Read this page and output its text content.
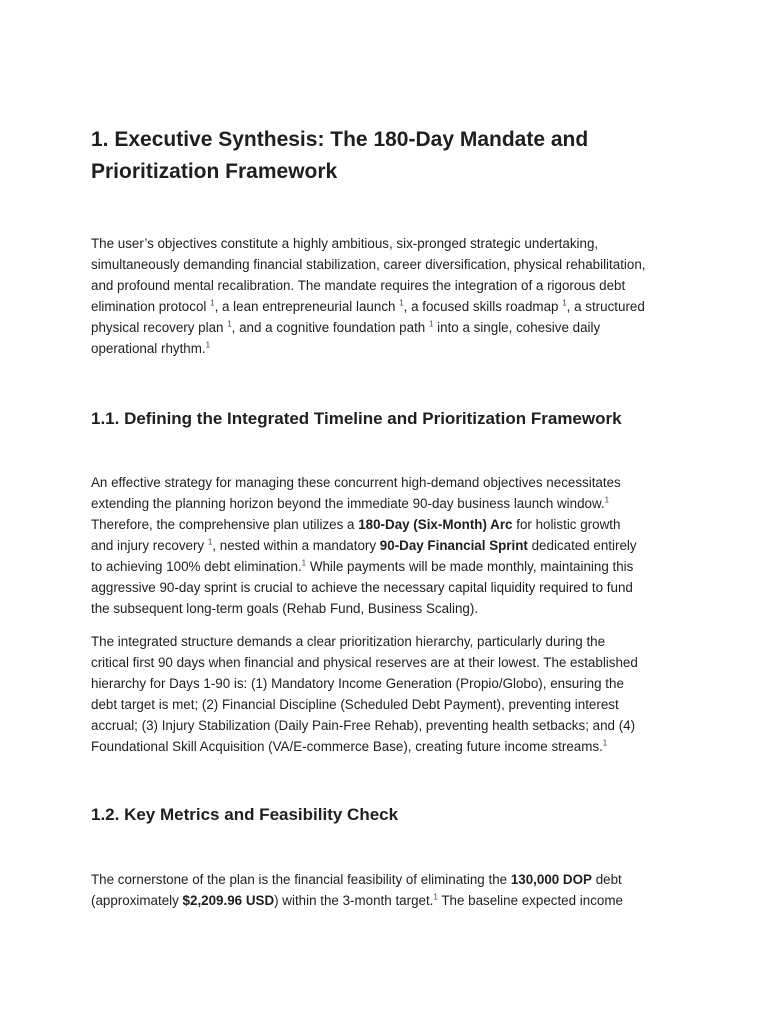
1. Executive Synthesis: The 180-Day Mandate and
Prioritization Framework

The user’s objectives constitute a highly ambitious, six-pronged strategic undertaking,
simultaneously demanding financial stabilization, career diversification, physical rehabilitation,
and profound mental recalibration. The mandate requires the integration of a rigorous debt
elimination protocol $^1$, a lean entrepreneurial launch $^1$, a focused skills roadmap $^1$, a structured
physical recovery plan $^1$, and a cognitive foundation path $^1$ into a single, cohesive daily
operational rhythm.$^1$

1.1. Defining the Integrated Timeline and Prioritization Framework

An effective strategy for managing these concurrent high-demand objectives necessitates
extending the planning horizon beyond the immediate 90-day business launch window.$^1$
Therefore, the comprehensive plan utilizes a 180-Day (Six-Month) Arc for holistic growth
and injury recovery $^1$, nested within a mandatory 90-Day Financial Sprint dedicated entirely
to achieving 100% debt elimination.$^1$ While payments will be made monthly, maintaining this
aggressive 90-day sprint is crucial to achieve the necessary capital liquidity required to fund
the subsequent long-term goals (Rehab Fund, Business Scaling).

The integrated structure demands a clear prioritization hierarchy, particularly during the
critical first 90 days when financial and physical reserves are at their lowest. The established
hierarchy for Days 1-90 is: (1) Mandatory Income Generation (Propio/Globo), ensuring the
debt target is met; (2) Financial Discipline (Scheduled Debt Payment), preventing interest
accrual; (3) Injury Stabilization (Daily Pain-Free Rehab), preventing health setbacks; and (4)
Foundational Skill Acquisition (VA/E-commerce Base), creating future income streams.$^1$

1.2. Key Metrics and Feasibility Check

The cornerstone of the plan is the financial feasibility of eliminating the 130,000 DOP debt
(approximately $2,209.96 USD) within the 3-month target.$^1$ The baseline expected income
